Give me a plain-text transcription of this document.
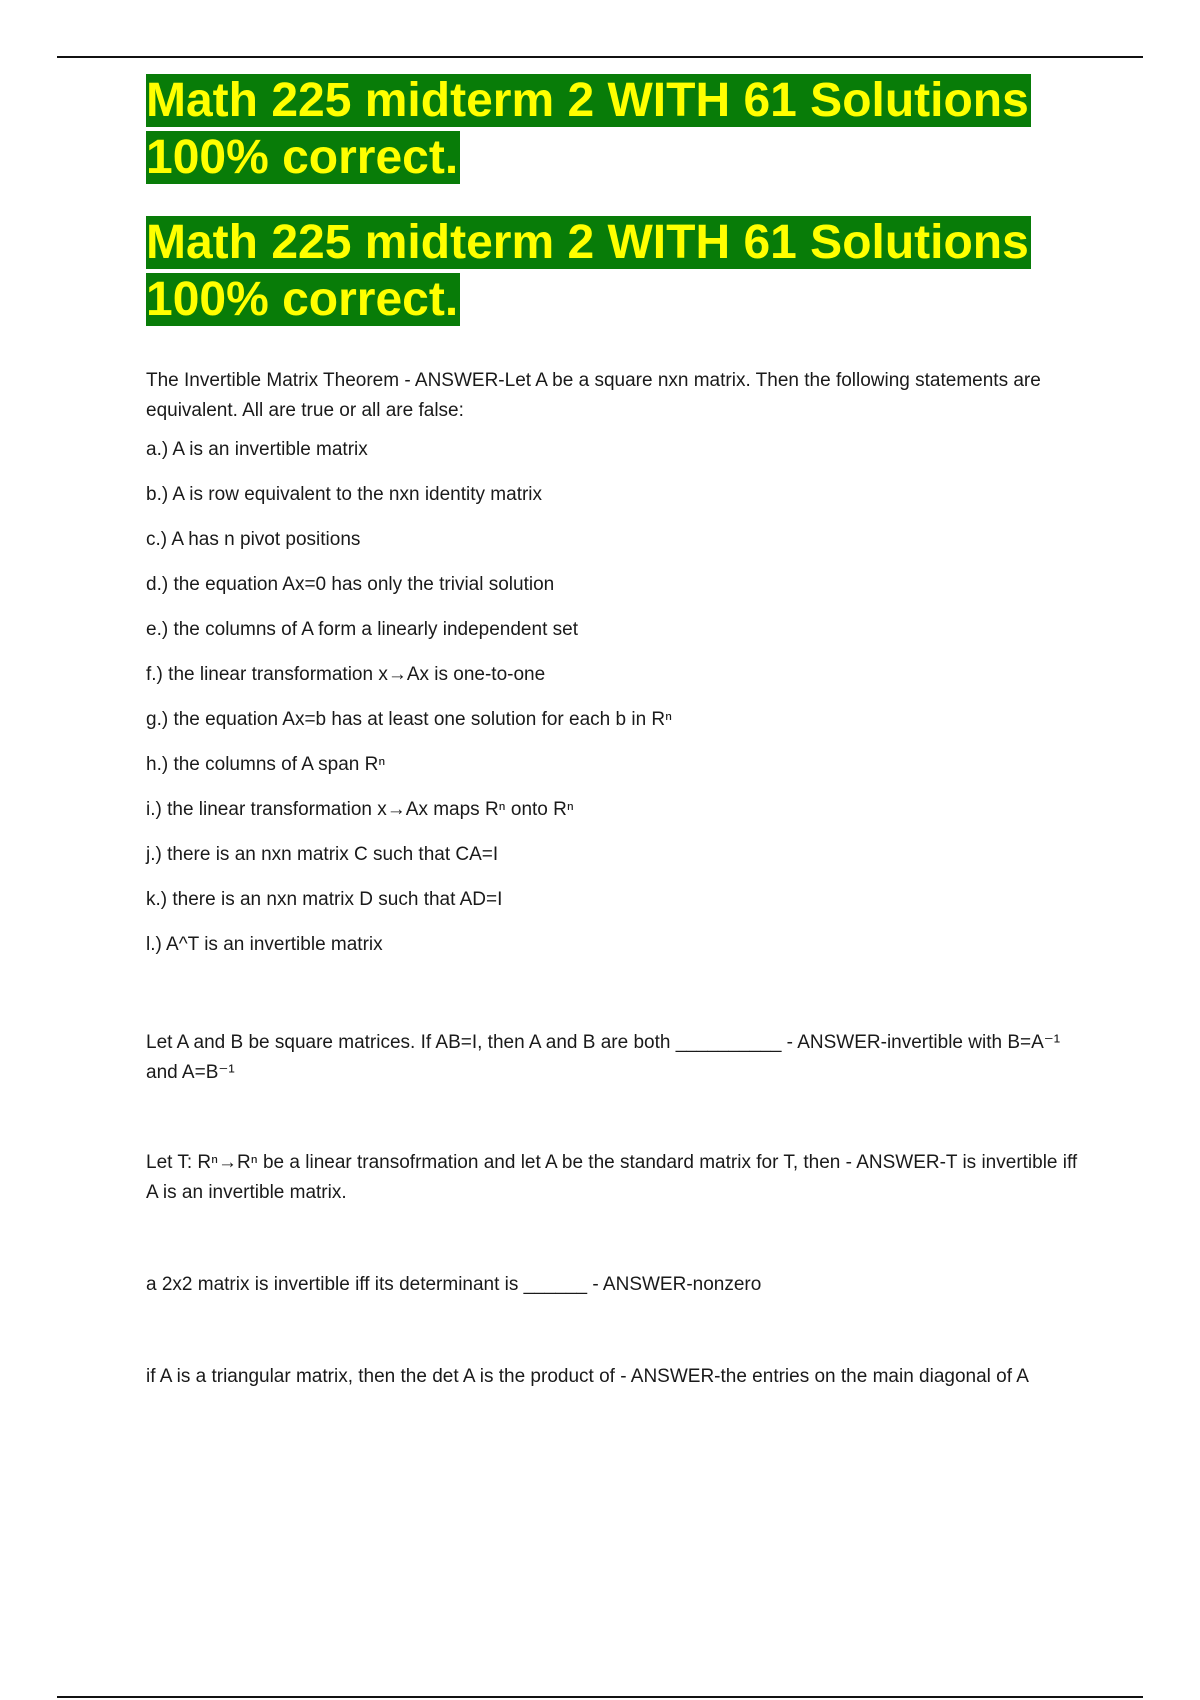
Math 225 midterm 2 WITH 61 Solutions 100% correct.
Math 225 midterm 2 WITH 61 Solutions 100% correct.

The Invertible Matrix Theorem - ANSWER-Let A be a square nxn matrix. Then the following statements are equivalent. All are true or all are false:

a.) A is an invertible matrix
b.) A is row equivalent to the nxn identity matrix
c.) A has n pivot positions
d.) the equation Ax=0 has only the trivial solution
e.) the columns of A form a linearly independent set
f.) the linear transformation x→Ax is one-to-one
g.) the equation Ax=b has at least one solution for each b in Rⁿ
h.) the columns of A span Rⁿ
i.) the linear transformation x→Ax maps Rⁿ onto Rⁿ
j.) there is an nxn matrix C such that CA=I
k.) there is an nxn matrix D such that AD=I
l.) A^T is an invertible matrix

Let A and B be square matrices. If AB=I, then A and B are both __________ - ANSWER-invertible with B=A⁻¹ and A=B⁻¹

Let T: Rⁿ→Rⁿ be a linear transofrmation and let A be the standard matrix for T, then - ANSWER-T is invertible iff A is an invertible matrix.

a 2x2 matrix is invertible iff its determinant is ______ - ANSWER-nonzero

if A is a triangular matrix, then the det A is the product of - ANSWER-the entries on the main diagonal of A
